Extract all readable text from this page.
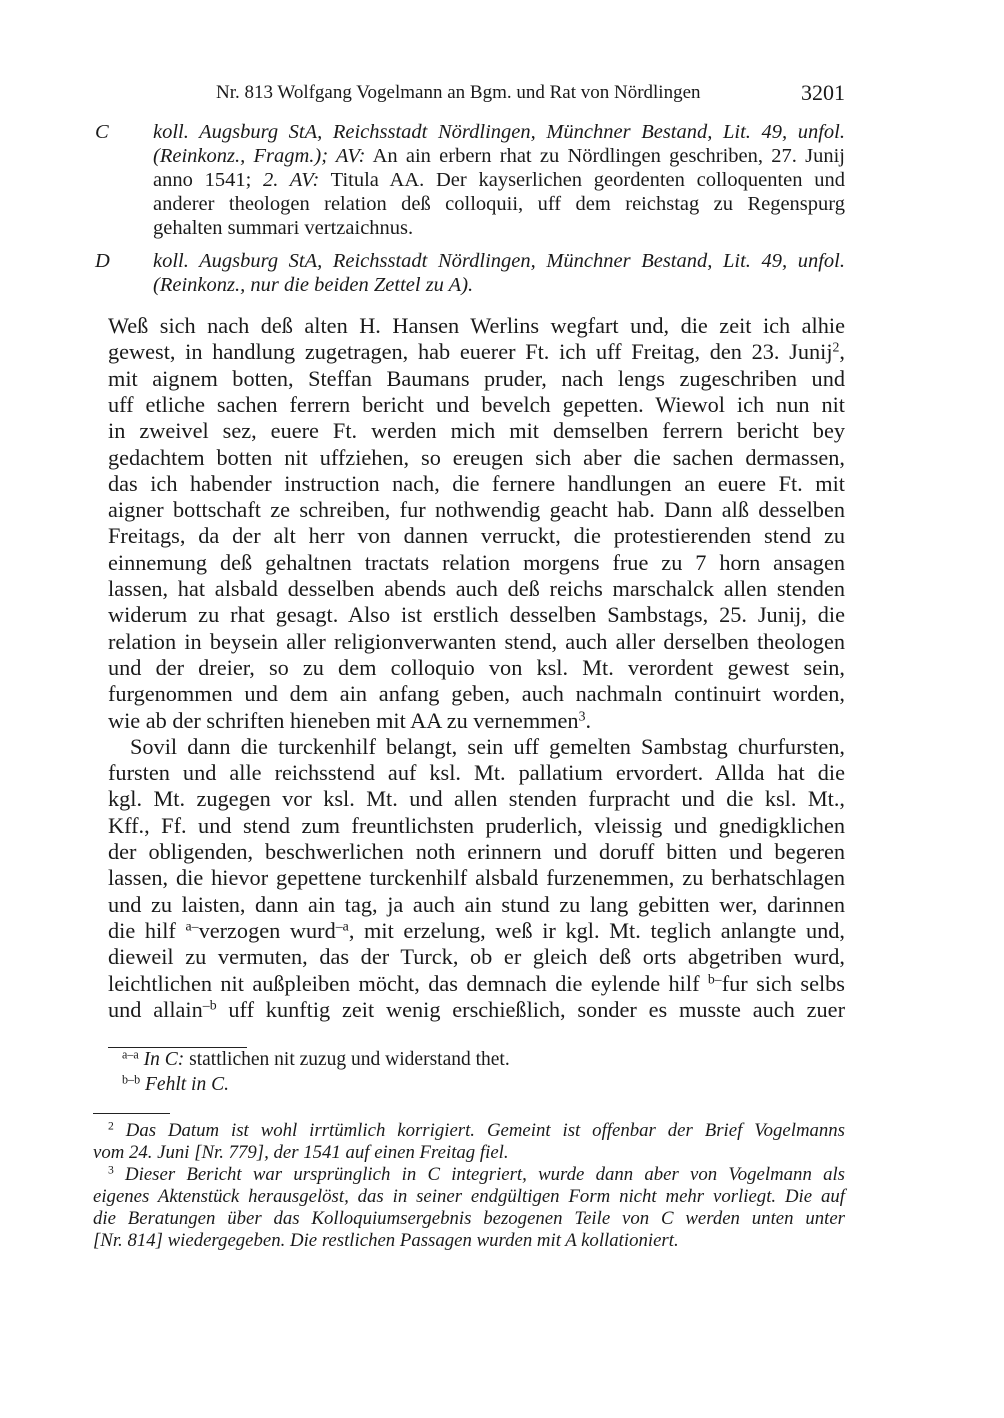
Nr. 813 Wolfgang Vogelmann an Bgm. und Rat von Nördlingen	3201
C koll. Augsburg StA, Reichsstadt Nördlingen, Münchner Bestand, Lit. 49, unfol.
(Reinkonz., Fragm.); AV: An ain erbern rhat zu Nördlingen geschriben, 27. Junij
anno 1541; 2. AV: Titula AA. Der kayserlichen geordenten colloquenten und
anderer theologen relation deß colloquii, uff dem reichstag zu Regenspurg
gehalten summari vertzaichnus.
D koll. Augsburg StA, Reichsstadt Nördlingen, Münchner Bestand, Lit. 49, unfol.
(Reinkonz., nur die beiden Zettel zu A).
Weß sich nach deß alten H. Hansen Werlins wegfart und, die zeit ich alhie
gewest, in handlung zugetragen, hab euerer Ft. ich uff Freitag, den 23. Junij$^2$,
mit aignem botten, Steffan Baumans pruder, nach lengs zugeschriben und
uff etliche sachen ferrern bericht und bevelch gepetten. Wiewol ich nun nit
in zweivel sez, euere Ft. werden mich mit demselben ferrern bericht bey
gedachtem botten nit uffziehen, so ereugen sich aber die sachen dermassen,
das ich habender instruction nach, die fernere handlungen an euere Ft. mit
aigner bottschaft ze schreiben, fur nothwendig geacht hab. Dann alß desselben
Freitags, da der alt herr von dannen verruckt, die protestierenden stend zu
einnemung deß gehaltnen tractats relation morgens frue zu 7 horn ansagen
lassen, hat alsbald desselben abends auch deß reichs marschalck allen stenden
widerum zu rhat gesagt. Also ist erstlich desselben Sambstags, 25. Junij, die
relation in beysein aller religionverwanten stend, auch aller derselben theologen
und der dreier, so zu dem colloquio von ksl. Mt. verordent gewest sein,
furgenommen und dem ain anfang geben, auch nachmaln continuirt worden,
wie ab der schriften hieneben mit AA zu vernemmen$^3$.
Sovil dann die turckenhilf belangt, sein uff gemelten Sambstag churfursten,
fursten und alle reichsstend auf ksl. Mt. pallatium ervordert. Allda hat die
kgl. Mt. zugegen vor ksl. Mt. und allen stenden furpracht und die ksl. Mt.,
Kff., Ff. und stend zum freuntlichsten pruderlich, vleissig und gnedigklichen
der obligenden, beschwerlichen noth erinnern und doruff bitten und begeren
lassen, die hievor gepettene turckenhilf alsbald furzenemmen, zu berhatschlagen
und zu laisten, dann ain tag, ja auch ain stund zu lang gebitten wer, darinnen
die hilf $^{a-}$verzogen wurd$^{-a}$, mit erzelung, weß ir kgl. Mt. teglich anlangte und,
dieweil zu vermuten, das der Turck, ob er gleich deß orts abgetriben wurd,
leichtlichen nit außpleiben möcht, das demnach die eylende hilf $^{b-}$fur sich selbs
und allain$^{-b}$ uff kunftig zeit wenig erschießlich, sonder es musste auch zuer
$^{a-a}$ In C: stattlichen nit zuzug und widerstand thet.
$^{b-b}$ Fehlt in C.
$^2$ Das Datum ist wohl irrtümlich korrigiert. Gemeint ist offenbar der Brief Vogelmanns
vom 24. Juni [Nr. 779], der 1541 auf einen Freitag fiel.
$^3$ Dieser Bericht war ursprünglich in C integriert, wurde dann aber von Vogelmann als
eigenes Aktenstück herausgelöst, das in seiner endgültigen Form nicht mehr vorliegt. Die auf
die Beratungen über das Kolloquiumsergebnis bezogenen Teile von C werden unten unter
[Nr. 814] wiedergegeben. Die restlichen Passagen wurden mit A kollationiert.
